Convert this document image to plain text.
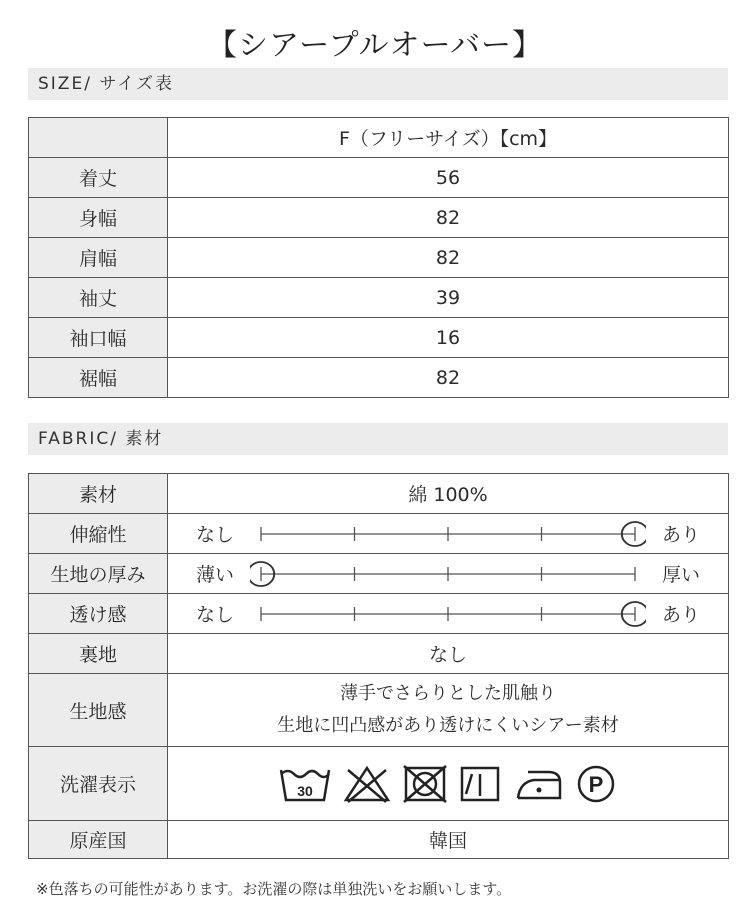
【シアープルオーバー】
SIZE/ サイズ表
	F（フリーサイズ）【cm】
着丈	56
身幅	82
肩幅	82
袖丈	39
袖口幅	16
裾幅	82
FABRIC/ 素材
素材	綿 100%
伸縮性	なし あり

生地の厚み	薄い 厚い

透け感	なし あり

裏地	なし
生地感	薄手でさらりとした肌触り
生地に凹凸感があり透けにくいシアー素材

洗濯表示	30 P

原産国	韓国
※色落ちの可能性があります。お洗濯の際は単独洗いをお願いします。
